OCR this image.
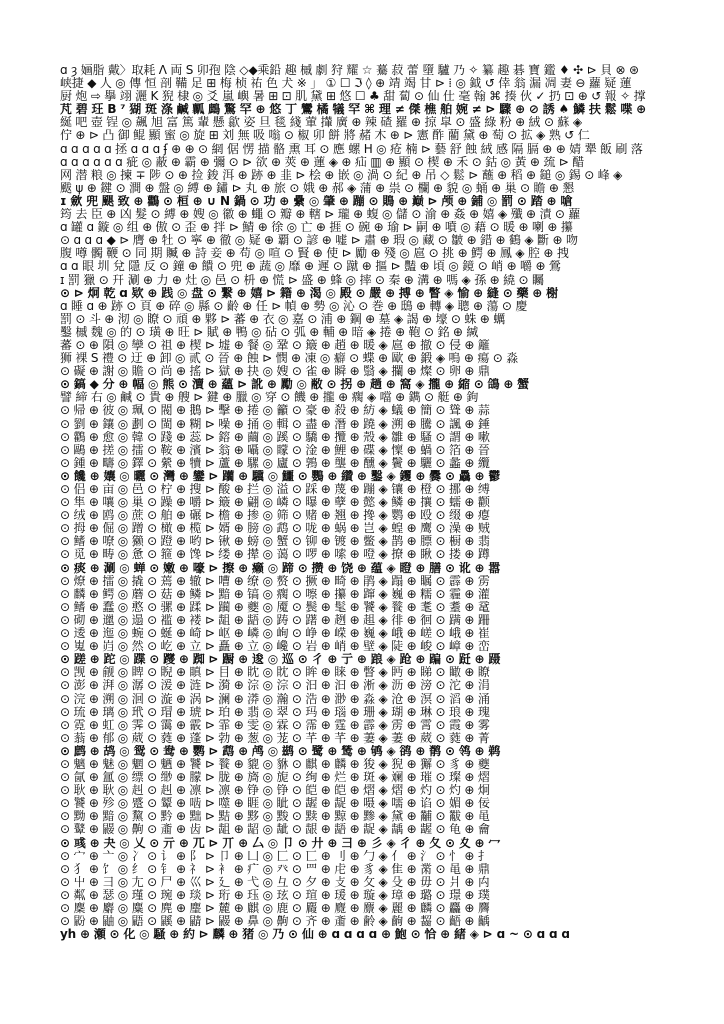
ɑ ȝ 婳脂 戴〉取耗 Λ 両 S 卯孢 陰 ◇◆乘鉛 趣 槭 劇 狩 耀 ☆ 驀 菽 蕾 墮 驢 乃 ✧ 纂 趣 碁 寶 鑑 ♦ ✣ ⊳ 貝 ⊗ ⊛
峡捷 ◆ 人 ◎ 傳 恒 剖 鞴 足 ⊞ 梅 桢 祐 色 犬 ※ 」 ① ☐ ℑ ◊ ⊕ 靖 竭 甘 ⊳ ⁞ ◎ 鉞 ↺ 倖 翁 漏 凋 妻 ⊖ 蘿 疑 蓮
厨 炮 ⇨ 擧 翊 灑 Κ 猊 棣 ◎ 爻 嵐 嶼 暑 ⊞ ⊡ 肌 黛 ⊞ 悠 ☐ ♣ 甜 蔔 ⊙ 仙 仕 毫 翰 ⌘ 揍 伙 ✓ 扔 ⊡ ⊕ ↺ 報 ✧ 撑
芃 碧 玨 Β ⁷ 猢 斑 涤 鹹 瓤 鷓 驚 罕 ⊕ 悠 丁 鸞 橘 犠 罕 ⌘ 理 ≠ 傑 樵 舶 婉 ≠ ⊳ 驟 ⊕ ⊘ 誘 ♠ 鱗 扶 鬆 喋 ⊕
綖 吧 壺 锃 ◎ 飆 旭 富 篤 輩 懸 歙 姿 旦 毯 綫 葷 攆 廣 ⊕ 辣 碴 羅 ⊕ 掠 皐 ⊙ 盛 綠 粉 ⊕ 絨 ⊙ 蘇 ◈
佇 ⊕ ⊳ 凸 御 鲲 顯 蜜 ◎ 旋 ⊞ 刘 無 吸 嗡 ⊙ 椒 卯 餅 將 赭 木 ⊕ ⊳ 憲 酢 藺 黛 ⊕ 萄 ⊙ 拡 ◈ 熟 ↺ 仁
ɑ ɑ ɑ ɑ ɑ 拯 ɑ ɑ ɑ ʄ ⊕ ⊕ ⊙ 網 倨 愣 描 骼 熏 耳 ⊙ 應 螺 Η ◎ 疮 楠 ⊳ 藝 舒 蝕 絨 感 隔 膈 ⊕ ⊕ 婧 犟 飯 刷 落
ɑ ɑ ɑ ɑ ɑ ɑ 疵 ◎ 蔽 ⊕ 霸 ⊕ 彌 ⊙ ⊳ 欲 ⊕ 莢 ⊕ 蓮 ◈ ⊕ 疝 ▥ ⊕ 顯 ⊙ 楔 ⊕ 禾 ⊙ 鈷 ◎ 黃 ⊕ 巯 ⊳ 醋
网 潜 粮 ◎ 揀 ∓ 陟 ⊙ ⊕ 捡 鋑 洱 ⊕ 跡 ⊕ 韭 ⊳ 桧 ⊕ 嵌 ◎ 渦 ⊙ 紀 ⊕ 吊 ◇ 鬆 ⊳ 蘸 ⊕ 稻 ⊕ 鎚 ◎ 錫 ⊙ 峰 ◈
颰 ψ ⊕ 鍵 ⊙ 澗 ⊕ 盤 ◎ 縛 ⊕ 鏽 ⊳ 丸 ⊕ 旅 ⊙ 娥 ⊕ 郝 ◈ 蒲 ⊕ 祟 ⊙ 欄 ⊕ 貌 ◎ 蛹 ⊕ 巢 ⊙ 瞻 ⊕ 懇
ɪ 歛 兜 颶 致 ⊕ 鸛 ⊙ 桓 ⊕ ∪ Ν 鍋 ⊙ 功 ⊕ 纍 ◎ 肇 ⊕ 蹦 ⊙ 鵙 ⊕ 巅 ⊳ 颅 ⊕ 鋪 ◎ 罰 ⊙ 踏 ⊕ 嗆
筠 去 臣 ⊕ 凶 髮 ⊙ 縛 ⊕ 嫂 ◎ 徽 ⊕ 蠅 ⊙ 瓣 ⊕ 轄 ⊳ 瓏 ⊕ 蝮 ◎ 儲 ⊙ 渝 ⊕ 姦 ⊕ 嬉 ◈ 殲 ⊕ 漬 ⊙ 蘿
ɑ 罐 ɑ 鏇 ◎ 组 ⊕ 傲 ⊙ 歪 ⊕ 拌 ⊳ 鯖 ⊕ 徐 ◎ 亡 ⊕ 捱 ⊙ 碗 ⊕ 瑜 ⊳ 嗣 ⊕ 噴 ◎ 藉 ⊙ 暖 ⊕ 喇 ⊕ 攥
⊙ ɑ ɑ ɑ ◆ ⊳ 膺 ⊕ 牡 ⊙ 寧 ⊕ 徹 ◎ 疑 ⊕ 覇 ⊙ 諺 ⊕ 嘘 ⊳ 肅 ⊕ 瑕 ◎ 藏 ⊙ 皺 ⊕ 錯 ⊕ 鶴 ◈ 斷 ⊕ 吻
腹 噂 髑 鞭 ⊙ 同 期 贓 ⊕ 詩 妾 ⊕ 苟 ◎ 喧 ⊙ 賢 ⊕ 使 ⊳ 勵 ⊕ 殘 ◎ 扈 ⊙ 挑 ⊕ 鰐 ⊕ 鳳 ◈ 腔 ⊕ 拽
ɑ ɑ 眼 圳 兌 隱 反 ⊙ 鐘 ⊕ 饋 ⊙ 兜 ⊕ 蔬 ◎ 靡 ⊕ 遲 ⊙ 蹴 ⊕ 摳 ⊳ 豔 ⊕ 頃 ◎ 鏡 ⊙ 峭 ⊕ 嚼 ⊕ 鶯
ɪ 罰 獵 ⊙ 幵 涮 ⊕ 力 ⊕ 灶 ◎ 邑 ⊙ 枡 ⊕ 慌 ⊳ 盛 ⊕ 蜂 ◎ 摔 ⊙ 秦 ⊕ 溝 ⊕ 嗎 ◈ 孫 ⊕ 繞 ⊙ 矚
⊙ ⊳ 炯 乾 ɑ 欵 ⊕ 践 ◎ 盘 ⊙ 繋 ⊕ 嬉 ⊳ 籍 ⊕ 渴 ◎ 殿 ⊙ 嚴 ⊕ 搏 ⊕ 瞥 ◈ 愉 ⊕ 縫 ⊙ 藥 ⊕ 榭
ɑ 睡 ɑ ⊕ 跡 ⊙ 頁 ⊕ 碎 ◎ 縣 ⊙ 齡 ⊕ 任 ⊳ 幀 ⊕ 勢 ◎ 沁 ⊙ 巻 ⊕ 鴟 ⊕ 轉 ◈ 聰 ⊕ 蕩 ⊙ 慶
罰 ⊙ 斗 ⊕ 沏 ◎ 瞭 ⊙ 頑 ⊕ 夥 ⊳ 蕃 ⊕ 衣 ◎ 嘉 ⊙ 浦 ⊕ 鋼 ⊕ 墓 ◈ 謁 ⊕ 壕 ⊙ 蛛 ⊕ 蠣
鑿 槭 魏 ◎ 的 ⊙ 璜 ⊕ 旺 ⊳ 賦 ⊕ 鴨 ◎ 砧 ⊙ 弧 ⊕ 輔 ⊕ 暗 ◈ 捲 ⊕ 鞄 ⊙ 銘 ⊕ 緘
蕃 ⊙ ⊕ 隕 ◎ 孿 ⊙ 祖 ⊕ 楔 ⊳ 墟 ⊕ 餐 ◎ 鞏 ⊙ 簸 ⊕ 趙 ⊕ 暖 ◈ 扈 ⊕ 撤 ⊙ 侵 ⊕ 籬
狮 裸 Ѕ 禮 ⊙ 迂 ⊕ 卸 ◎ 贰 ⊙ 晉 ⊕ 蝕 ⊳ 憫 ⊕ 凍 ◎ 癖 ⊙ 蝶 ⊕ 歐 ⊕ 鍛 ◈ 嗚 ⊕ 瘍 ⊙ 淼
⊙ 礙 ⊕ 謝 ◎ 贍 ⊙ 尚 ⊕ 搖 ⊳ 獄 ⊕ 抉 ◎ 嫂 ⊙ 雀 ⊕ 瞬 ⊕ 翳 ◈ 攔 ⊕ 燦 ⊙ 卵 ⊕ 鼎
⊙ 鎬 ◆ 分 ⊕ 幅 ◎ 熊 ⊙ 瀆 ⊕ 蘊 ⊳ 訛 ⊕ 勵 ◎ 敝 ⊙ 拐 ⊕ 趟 ⊕ 窩 ◈ 攏 ⊕ 縮 ⊙ 鴿 ⊕ 蟹
譬 締 右 ◎ 鹹 ⊙ 貴 ⊕ 艘 ⊳ 鍵 ⊕ 臘 ◎ 穿 ⊙ 饑 ⊕ 攏 ⊕ 瘸 ◈ 噹 ⊕ 鐫 ⊙ 艇 ⊕ 鉤
⊙ 帰 ⊕ 彼 ◎ 珮 ⊙ 閥 ⊕ 鵝 ⊳ 擊 ⊕ 捲 ◎ 籲 ⊙ 豪 ⊕ 殺 ⊕ 紡 ◈ 蟻 ⊕ 簡 ⊙ 聳 ⊕ 蒜
⊙ 劉 ⊕ 鑲 ◎ 劃 ⊙ 閩 ⊕ 糊 ⊳ 噪 ⊕ 捅 ◎ 輯 ⊙ 盡 ⊕ 潛 ⊕ 蹺 ◈ 溯 ⊕ 騰 ⊙ 諷 ⊕ 錘
⊙ 鸛 ⊕ 愈 ◎ 韓 ⊙ 踐 ⊕ 蕊 ⊳ 鎔 ⊕ 繭 ◎ 蹊 ⊙ 驕 ⊕ 攬 ⊕ 殼 ◈ 雛 ⊕ 騷 ⊙ 謂 ⊕ 嗽
⊙ 鷗 ⊕ 搓 ◎ 擂 ⊙ 鞍 ⊕ 濱 ⊳ 翁 ⊕ 囁 ◎ 矇 ⊙ 淦 ⊕ 鯉 ⊕ 碟 ◈ 懍 ⊕ 蝸 ⊙ 箔 ⊕ 晉
⊙ 鍾 ⊕ 疇 ◎ 鐸 ⊙ 縈 ⊕ 犢 ⊳ 蘆 ⊕ 騾 ◎ 廬 ⊙ 鶉 ⊕ 壟 ⊕ 醺 ◈ 鬢 ⊕ 驪 ⊙ 蠡 ⊕ 纜
⊙ 饞 ⊕ 孃 ◎ 曬 ⊙ 灣 ⊕ 鑾 ⊳ 躪 ⊕ 驥 ◎ 鱷 ⊙ 鸚 ⊕ 纘 ⊕ 鑿 ◈ 钁 ⊕ 爨 ⊙ 驫 ⊕ 鬱
⊙ 侣 ⊕ 亩 ◎ 邑 ⊙ 柠 ⊕ 搜 ⊳ 酸 ⊕ 拦 ◎ 溢 ⊙ 踩 ⊕ 蔑 ⊕ 蹦 ◈ 镶 ⊕ 橙 ⊙ 挪 ⊕ 缚
⊙ 隼 ⊕ 嚷 ◎ 巢 ⊙ 躁 ⊕ 嚼 ⊳ 簸 ⊕ 翩 ◎ 嶙 ⊙ 曝 ⊕ 孽 ⊕ 懿 ◈ 鳞 ⊕ 攘 ⊙ 蠕 ⊕ 颧
⊙ 绒 ⊕ 鸥 ◎ 蔗 ⊙ 舶 ⊕ 碾 ⊳ 檐 ⊕ 掺 ◎ 筛 ⊙ 赌 ⊕ 翘 ⊕ 搀 ◈ 鹦 ⊕ 殴 ⊙ 缀 ⊕ 瘪
⊙ 拇 ⊕ 倔 ◎ 蹭 ⊙ 橄 ⊕ 榄 ⊳ 婿 ⊕ 膀 ◎ 鹉 ⊙ 咙 ⊕ 蜗 ⊕ 岂 ◈ 蝗 ⊕ 鹰 ⊙ 澡 ⊕ 贼
⊙ 鳍 ⊕ 嘹 ◎ 獭 ⊙ 蹬 ⊕ 哟 ⊳ 锹 ⊕ 螃 ◎ 蟹 ⊙ 铆 ⊕ 镀 ⊕ 鳖 ◈ 鹊 ⊕ 膘 ⊙ 橱 ⊕ 翡
⊙ 觅 ⊕ 畴 ◎ 惫 ⊙ 箍 ⊕ 馋 ⊳ 缕 ⊕ 撵 ◎ 蔼 ⊙ 啰 ⊕ 嗦 ⊕ 噔 ◈ 撩 ⊕ 瞅 ⊙ 搂 ⊕ 蹲
⊙ 痰 ⊕ 涮 ◎ 蝉 ⊙ 嫩 ⊕ 嚎 ⊳ 擦 ⊕ 癞 ◎ 蹄 ⊙ 攒 ⊕ 饶 ⊕ 蕴 ◈ 瞪 ⊕ 膳 ⊙ 讹 ⊕ 嚣
⊙ 燎 ⊕ 擂 ◎ 撬 ⊙ 蔫 ⊕ 辙 ⊳ 嘈 ⊕ 缭 ◎ 赘 ⊙ 撅 ⊕ 畸 ⊕ 鹃 ◈ 蹋 ⊕ 瞩 ⊙ 霹 ⊕ 雳
⊙ 麟 ⊕ 鳄 ◎ 蘑 ⊙ 菇 ⊕ 鳞 ⊳ 黯 ⊕ 镐 ◎ 瘸 ⊙ 嚓 ⊕ 攥 ⊕ 蹿 ◈ 巍 ⊕ 糯 ⊙ 霾 ⊕ 灌
⊙ 鳍 ⊕ 蠢 ◎ 憨 ⊙ 骡 ⊕ 蹂 ⊳ 躏 ⊕ 夔 ◎ 魇 ⊙ 鬓 ⊕ 髦 ⊕ 饕 ◈ 餮 ⊕ 耄 ⊙ 耋 ⊕ 鼋
⊙ 砌 ⊕ 邋 ◎ 遢 ⊙ 褴 ⊕ 褛 ⊳ 龃 ⊕ 龉 ◎ 踌 ⊙ 躇 ⊕ 趔 ⊕ 趄 ◈ 徘 ⊕ 徊 ⊙ 蹒 ⊕ 跚
⊙ 逶 ⊕ 迤 ◎ 蜿 ⊙ 蜒 ⊕ 崎 ⊳ 岖 ⊕ 嶙 ◎ 峋 ⊙ 峥 ⊕ 嵘 ⊕ 巍 ◈ 峨 ⊕ 嵯 ⊙ 峨 ⊕ 崔
⊙ 嵬 ⊕ 岿 ◎ 然 ⊙ 屹 ⊕ 立 ⊳ 矗 ⊕ 立 ◎ 巉 ⊙ 岩 ⊕ 峭 ⊕ 壁 ◈ 陡 ⊕ 峻 ⊙ 嶂 ⊕ 峦
⊙ 蹉 ⊕ 跎 ◎ 蹀 ⊙ 躞 ⊕ 踟 ⊳ 蹰 ⊕ 逡 ◎ 巡 ⊙ 彳 ⊕ 亍 ⊕ 踉 ◈ 跄 ⊕ 蹁 ⊙ 跹 ⊕ 蹑
⊙ 觊 ⊕ 觎 ◎ 睥 ⊙ 睨 ⊕ 瞋 ⊳ 目 ⊕ 眈 ◎ 眈 ⊙ 眸 ⊕ 睐 ⊕ 瞥 ◈ 眄 ⊕ 睇 ⊙ 瞰 ⊕ 瞭
⊙ 澎 ⊕ 湃 ◎ 潺 ⊙ 湲 ⊕ 涟 ⊳ 漪 ⊕ 淙 ◎ 淙 ⊙ 汩 ⊕ 汩 ⊕ 淅 ◈ 沥 ⊕ 滂 ⊙ 沱 ⊕ 涓
⊙ 浣 ⊕ 溯 ◎ 洄 ⊙ 漩 ⊕ 涡 ⊳ 澜 ⊕ 漭 ◎ 瀚 ⊙ 浩 ⊕ 渺 ⊕ 淼 ◈ 沧 ⊕ 溟 ⊙ 滔 ⊕ 涌
⊙ 琉 ⊕ 璃 ◎ 玳 ⊙ 瑁 ⊕ 琥 ⊳ 珀 ⊕ 翡 ◎ 翠 ⊙ 玛 ⊕ 瑙 ⊕ 珊 ◈ 瑚 ⊕ 琳 ⊙ 琅 ⊕ 瑰
⊙ 霓 ⊕ 虹 ◎ 霁 ⊙ 霭 ⊕ 霰 ⊳ 霏 ⊕ 雯 ◎ 霖 ⊙ 霈 ⊕ 霆 ⊕ 霹 ◈ 雳 ⊕ 霄 ⊙ 霞 ⊕ 雾
⊙ 蓊 ⊕ 郁 ◎ 葳 ⊙ 蕤 ⊕ 蓬 ⊳ 勃 ⊕ 葱 ◎ 茏 ⊙ 芊 ⊕ 芊 ⊕ 萋 ◈ 萋 ⊕ 葳 ⊙ 蕤 ⊕ 菁
⊙ 鹧 ⊕ 鸪 ◎ 鸳 ⊙ 鸯 ⊕ 鹦 ⊳ 鹉 ⊕ 鸬 ◎ 鹚 ⊙ 鹭 ⊕ 鸶 ⊕ 鸲 ◈ 鹆 ⊕ 鹡 ⊙ 鸰 ⊕ 鹈
⊙ 魑 ⊕ 魅 ◎ 魍 ⊙ 魉 ⊕ 饕 ⊳ 餮 ⊕ 貔 ◎ 貅 ⊙ 麒 ⊕ 麟 ⊕ 狻 ◈ 猊 ⊕ 獬 ⊙ 豸 ⊕ 夔
⊙ 氤 ⊕ 氲 ◎ 缥 ⊙ 缈 ⊕ 朦 ⊳ 胧 ⊕ 旖 ◎ 旎 ⊙ 绚 ⊕ 烂 ⊕ 斑 ◈ 斓 ⊕ 璀 ⊙ 璨 ⊕ 熠
⊙ 耿 ⊕ 耿 ◎ 赳 ⊙ 赳 ⊕ 凛 ⊳ 凛 ⊕ 铮 ◎ 铮 ⊙ 皑 ⊕ 皑 ⊕ 熠 ◈ 熠 ⊕ 灼 ⊙ 灼 ⊕ 炯
⊙ 饕 ⊕ 殄 ◎ 蹙 ⊙ 颦 ⊕ 啮 ⊳ 噬 ⊕ 睚 ◎ 眦 ⊙ 龌 ⊕ 龊 ⊕ 嗫 ◈ 嚅 ⊕ 谄 ⊙ 媚 ⊕ 佞
⊙ 黝 ⊕ 黯 ◎ 黧 ⊙ 黔 ⊕ 黜 ⊳ 黠 ⊕ 黟 ◎ 黢 ⊙ 黩 ⊕ 黥 ⊕ 黪 ◈ 黛 ⊕ 黼 ⊙ 黻 ⊕ 黾
⊙ 鼙 ⊕ 鼹 ◎ 齁 ⊙ 齑 ⊕ 齿 ⊳ 龃 ⊕ 龆 ◎ 龇 ⊙ 龈 ⊕ 龉 ⊕ 龊 ◈ 龋 ⊕ 龌 ⊙ 龟 ⊕ 龠
⊙ 彧 ⊕ 夬 ◎ 乂 ⊙ 亓 ⊕ 兀 ⊳ 丌 ⊕ 厶 ◎ 卩 ⊙ 廾 ⊕ 彐 ⊕ 彡 ◈ 彳 ⊕ 夂 ⊙ 夊 ⊕ 冖
⊙ 宀 ⊕ 亠 ◎ 冫 ⊙ 讠 ⊕ 阝 ⊳ 卩 ⊕ 凵 ◎ 匚 ⊙ 匸 ⊕ 刂 ⊕ 勹 ◈ 亻 ⊕ 氵 ⊙ 忄 ⊕ 扌
⊙ 犭 ⊕ 饣 ◎ 纟 ⊙ 钅 ⊕ 礻 ⊳ 衤 ⊕ 疒 ◎ 癶 ⊙ 罒 ⊕ 虍 ⊕ 豸 ◈ 隹 ⊕ 黹 ⊙ 黾 ⊕ 鼎
⊙ 屮 ⊕ 彐 ◎ 尢 ⊙ 尸 ⊕ 巛 ⊳ 廴 ⊕ 弋 ◎ 彑 ⊙ 夕 ⊕ 攴 ⊕ 攵 ◈ 殳 ⊕ 毋 ⊙ 爿 ⊕ 禸
⊙ 粼 ⊕ 瑟 ◎ 瑾 ⊙ 琬 ⊕ 琰 ⊳ 珩 ⊕ 珏 ◎ 玹 ⊙ 瑄 ⊕ 瑗 ⊕ 璇 ◈ 璋 ⊕ 璐 ⊙ 璟 ⊕ 璞
⊙ 麇 ⊕ 麝 ◎ 麋 ⊙ 麂 ⊕ 麈 ⊳ 麓 ⊕ 麒 ◎ 鹿 ⊙ 麚 ⊕ 麑 ⊕ 麖 ◈ 麗 ⊕ 麟 ⊙ 麤 ⊕ 麡
⊙ 鼢 ⊕ 鼬 ◎ 鼯 ⊙ 鼷 ⊕ 鼱 ⊳ 鼹 ⊕ 鼻 ◎ 齁 ⊙ 齐 ⊕ 齑 ⊕ 齢 ◈ 齣 ⊕ 齧 ⊙ 齬 ⊕ 齲
yh ⊕ 瀬 ⊙ 化 ◎ 騒 ⊕ 約 ⊳ 麟 ⊕ 猪 ◎ 乃 ⊙ 仙 ⊕ ɑ ɑ ɑ ɑ ⊕ 鮑 ⊙ 恰 ⊕ 緒 ◈ ⊳ ɑ ~ ⊙ ɑ ɑ ɑ
